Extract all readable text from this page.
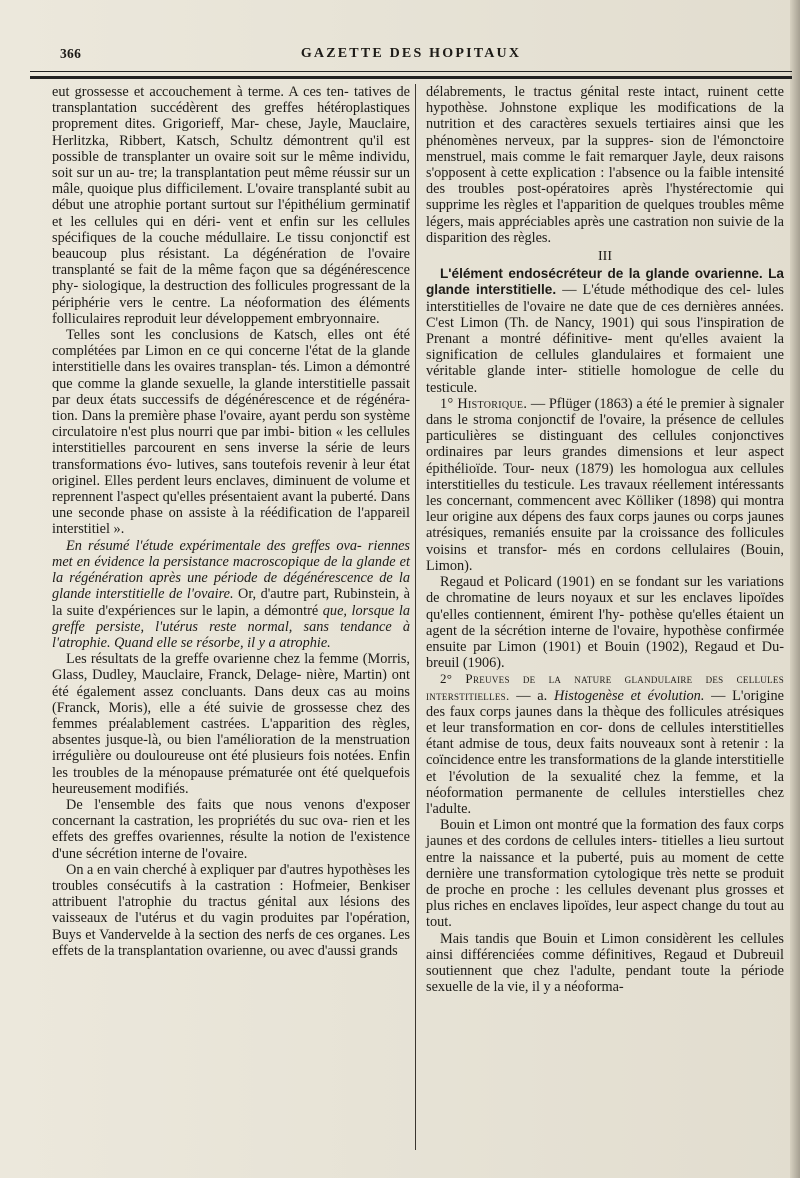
366	GAZETTE DES HOPITAUX

eut grossesse et accouchement à terme. A ces ten- tatives de transplantation succédèrent des greffes hétéroplastiques proprement dites. Grigorieff, Mar- chese, Jayle, Mauclaire, Herlitzka, Ribbert, Katsch, Schultz démontrent qu'il est possible de transplanter un ovaire soit sur le même individu, soit sur un au- tre; la transplantation peut même réussir sur un mâle, quoique plus difficilement. L'ovaire transplanté subit au début une atrophie portant surtout sur l'épithélium germinatif et les cellules qui en déri- vent et enfin sur les cellules spécifiques de la couche médullaire. Le tissu conjonctif est beaucoup plus résistant. La dégénération de l'ovaire transplanté se fait de la même façon que sa dégénérescence phy- siologique, la destruction des follicules progressant de la périphérie vers le centre. La néoformation des éléments folliculaires reproduit leur développement embryonnaire.

Telles sont les conclusions de Katsch, elles ont été complétées par Limon en ce qui concerne l'état de la glande interstitielle dans les ovaires transplan- tés. Limon a démontré que comme la glande sexuelle, la glande interstitielle passait par deux états successifs de dégénérescence et de régénéra- tion. Dans la première phase l'ovaire, ayant perdu son système circulatoire n'est plus nourri que par imbi- bition « les cellules interstitielles parcourent en sens inverse la série de leurs transformations évo- lutives, sans toutefois revenir à leur état originel. Elles perdent leurs enclaves, diminuent de volume et reprennent l'aspect qu'elles présentaient avant la puberté. Dans une seconde phase on assiste à la réédification de l'appareil interstitiel ».

En résumé l'étude expérimentale des greffes ova- riennes met en évidence la persistance macroscopique de la glande et la régénération après une période de dégénérescence de la glande interstitielle de l'ovaire. Or, d'autre part, Rubinstein, à la suite d'expériences sur le lapin, a démontré que, lorsque la greffe persiste, l'utérus reste normal, sans tendance à l'atrophie. Quand elle se résorbe, il y a atrophie.

Les résultats de la greffe ovarienne chez la femme (Morris, Glass, Dudley, Mauclaire, Franck, Delage- nière, Martin) ont été également assez concluants. Dans deux cas au moins (Franck, Moris), elle a été suivie de grossesse chez des femmes préalablement castrées. L'apparition des règles, absentes jusque-là, ou bien l'amélioration de la menstruation irrégulière ou douloureuse ont été plusieurs fois notées. Enfin les troubles de la ménopause prématurée ont été quelquefois heureusement modifiés.

De l'ensemble des faits que nous venons d'exposer concernant la castration, les propriétés du suc ova- rien et les effets des greffes ovariennes, résulte la notion de l'existence d'une sécrétion interne de l'ovaire.

On a en vain cherché à expliquer par d'autres hypothèses les troubles consécutifs à la castration : Hofmeier, Benkiser attribuent l'atrophie du tractus génital aux lésions des vaisseaux de l'utérus et du vagin produites par l'opération, Buys et Vandervelde à la section des nerfs de ces organes. Les effets de la transplantation ovarienne, ou avec d'aussi grands

délabrements, le tractus génital reste intact, ruinent cette hypothèse. Johnstone explique les modifications de la nutrition et des caractères sexuels tertiaires ainsi que les phénomènes nerveux, par la suppres- sion de l'émonctoire menstruel, mais comme le fait remarquer Jayle, deux raisons s'opposent à cette explication : l'absence ou la faible intensité des troubles post-opératoires après l'hystérectomie qui supprime les règles et l'apparition de quelques troubles même légers, mais appréciables après une castration non suivie de la disparition des règles.

III

L'élément endosécréteur de la glande ovarienne. La glande interstitielle. — L'étude méthodique des cel- lules interstitielles de l'ovaire ne date que de ces dernières années. C'est Limon (Th. de Nancy, 1901) qui sous l'inspiration de Prenant a montré définitive- ment qu'elles avaient la signification de cellules glandulaires et formaient une véritable glande inter- stitielle homologue de celle du testicule.

1° Historique. — Pflüger (1863) a été le premier à signaler dans le stroma conjonctif de l'ovaire, la présence de cellules particulières se distinguant des cellules conjonctives ordinaires par leurs grandes dimensions et leur aspect épithélioïde. Tour- neux (1879) les homologua aux cellules interstitielles du testicule. Les travaux réellement intéressants les concernant, commencent avec Kölliker (1898) qui montra leur origine aux dépens des faux corps jaunes ou corps jaunes atrésiques, remaniés ensuite par la croissance des follicules voisins et transfor- més en cordons cellulaires (Bouin, Limon).

Regaud et Policard (1901) en se fondant sur les variations de chromatine de leurs noyaux et sur les enclaves lipoïdes qu'elles contiennent, émirent l'hy- pothèse qu'elles étaient un agent de la sécrétion interne de l'ovaire, hypothèse confirmée ensuite par Limon (1901) et Bouin (1902), Regaud et Du- breuil (1906).

2° Preuves de la nature glandulaire des cellules interstitielles. — a. Histogenèse et évolution. — L'origine des faux corps jaunes dans la thèque des follicules atrésiques et leur transformation en cor- dons de cellules interstitielles étant admise de tous, deux faits nouveaux sont à retenir : la coïncidence entre les transformations de la glande interstitielle et l'évolution de la sexualité chez la femme, et la néoformation permanente de cellules interstielles chez l'adulte.

Bouin et Limon ont montré que la formation des faux corps jaunes et des cordons de cellules inters- titielles a lieu surtout entre la naissance et la puberté, puis au moment de cette dernière une transformation cytologique très nette se produit de proche en proche : les cellules devenant plus grosses et plus riches en enclaves lipoïdes, leur aspect change du tout au tout.

Mais tandis que Bouin et Limon considèrent les cellules ainsi différenciées comme définitives, Regaud et Dubreuil soutiennent que chez l'adulte, pendant toute la période sexuelle de la vie, il y a néoforma-
